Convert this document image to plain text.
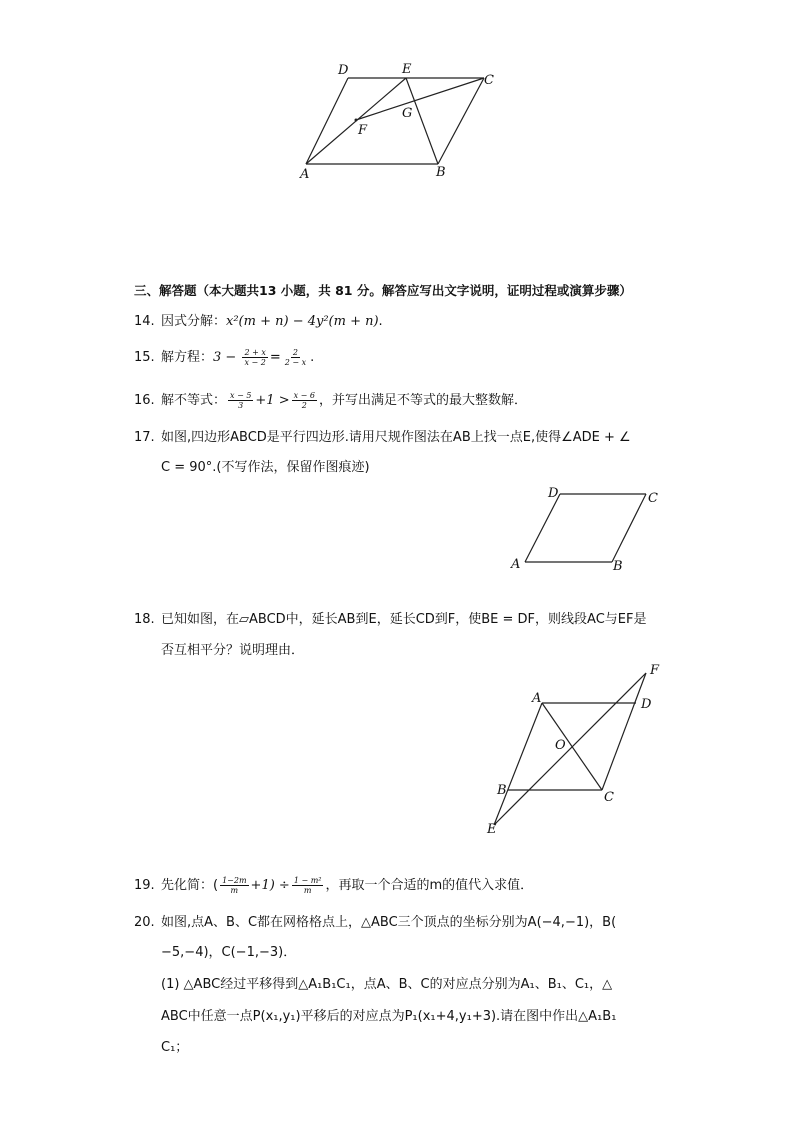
D	E
C
F
G
A	B
三、解答题（本大题共13 小题，共 81 分。解答应写出文字说明，证明过程或演算步骤）
14. 因式分解：x²(m + n) − 4y²(m + n).
15. 解方程：$3 - \frac{2 + x}{x - 2} = \frac{2}{2 - x}$ .
16. 解不等式： $\frac{x - 5}{3} +1 > \frac{x - 6}{2}$ ，并写出满足不等式的最大整数解．
17. 如图,四边形ABCD是平行四边形.请用尺规作图法在AB上找一点E,使得∠ADE + ∠
C = 90°.(不写作法，保留作图痕迹)
D	C
A	B
18. 已知如图，在▱ABCD中，延长AB到E，延长CD到F，使BE = DF，则线段AC与EF是
否互相平分？说明理由．
F
A	D
O
B	C
E
19. 先化简：( $\frac{1-2m}{m} +1) \div \frac{\text{1 − m²}}{m}$ ，再取一个合适的m的值代入求值．
20. 如图,点A、B、C都在网格格点上，△ABC三个顶点的坐标分别为A(−4,−1)，B(
−5,−4)，C(−1,−3)．
(1) △ABC经过平移得到△A₁B₁C₁，点A、B、C的对应点分别为A₁、B₁、C₁，△
ABC中任意一点P(x₁,y₁)平移后的对应点为P₁(x₁+4,y₁+3).请在图中作出△A₁B₁
C₁；
